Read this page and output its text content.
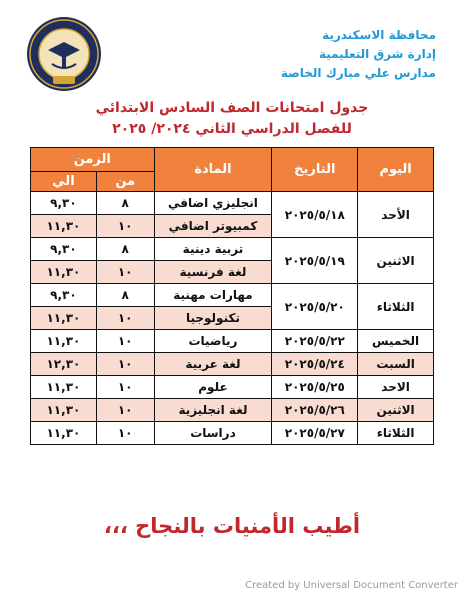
محافظة الاسكندرية
إدارة شرق التعليمية
مدارس علي مبارك الخاصة
جدول امتحانات الصف السادس الابتدائي
للفصل الدراسي الثاني ٢٠٢٤/ ٢٠٢٥
اليوم	التاريخ	المادة	الزمن	
			من	الي
الأحد	٢٠٢٥/٥/١٨	انجليزي اضافي	٨	٩,٣٠
		كمبيوتر اضافي	١٠	١١,٣٠
الاثنين	٢٠٢٥/٥/١٩	تربية دينية	٨	٩,٣٠
		لغة فرنسية	١٠	١١,٣٠
الثلاثاء	٢٠٢٥/٥/٢٠	مهارات مهنية	٨	٩,٣٠
		تكنولوجيا	١٠	١١,٣٠
الخميس	٢٠٢٥/٥/٢٢	رياضيات	١٠	١١,٣٠
السبت	٢٠٢٥/٥/٢٤	لغة عربية	١٠	١٢,٣٠
الاحد	٢٠٢٥/٥/٢٥	علوم	١٠	١١,٣٠
الاثنين	٢٠٢٥/٥/٢٦	لغة انجليزية	١٠	١١,٣٠
الثلاثاء	٢٠٢٥/٥/٢٧	دراسات	١٠	١١,٣٠
أطيب الأمنيات بالنجاح ،،،
Created by Universal Document Converter
